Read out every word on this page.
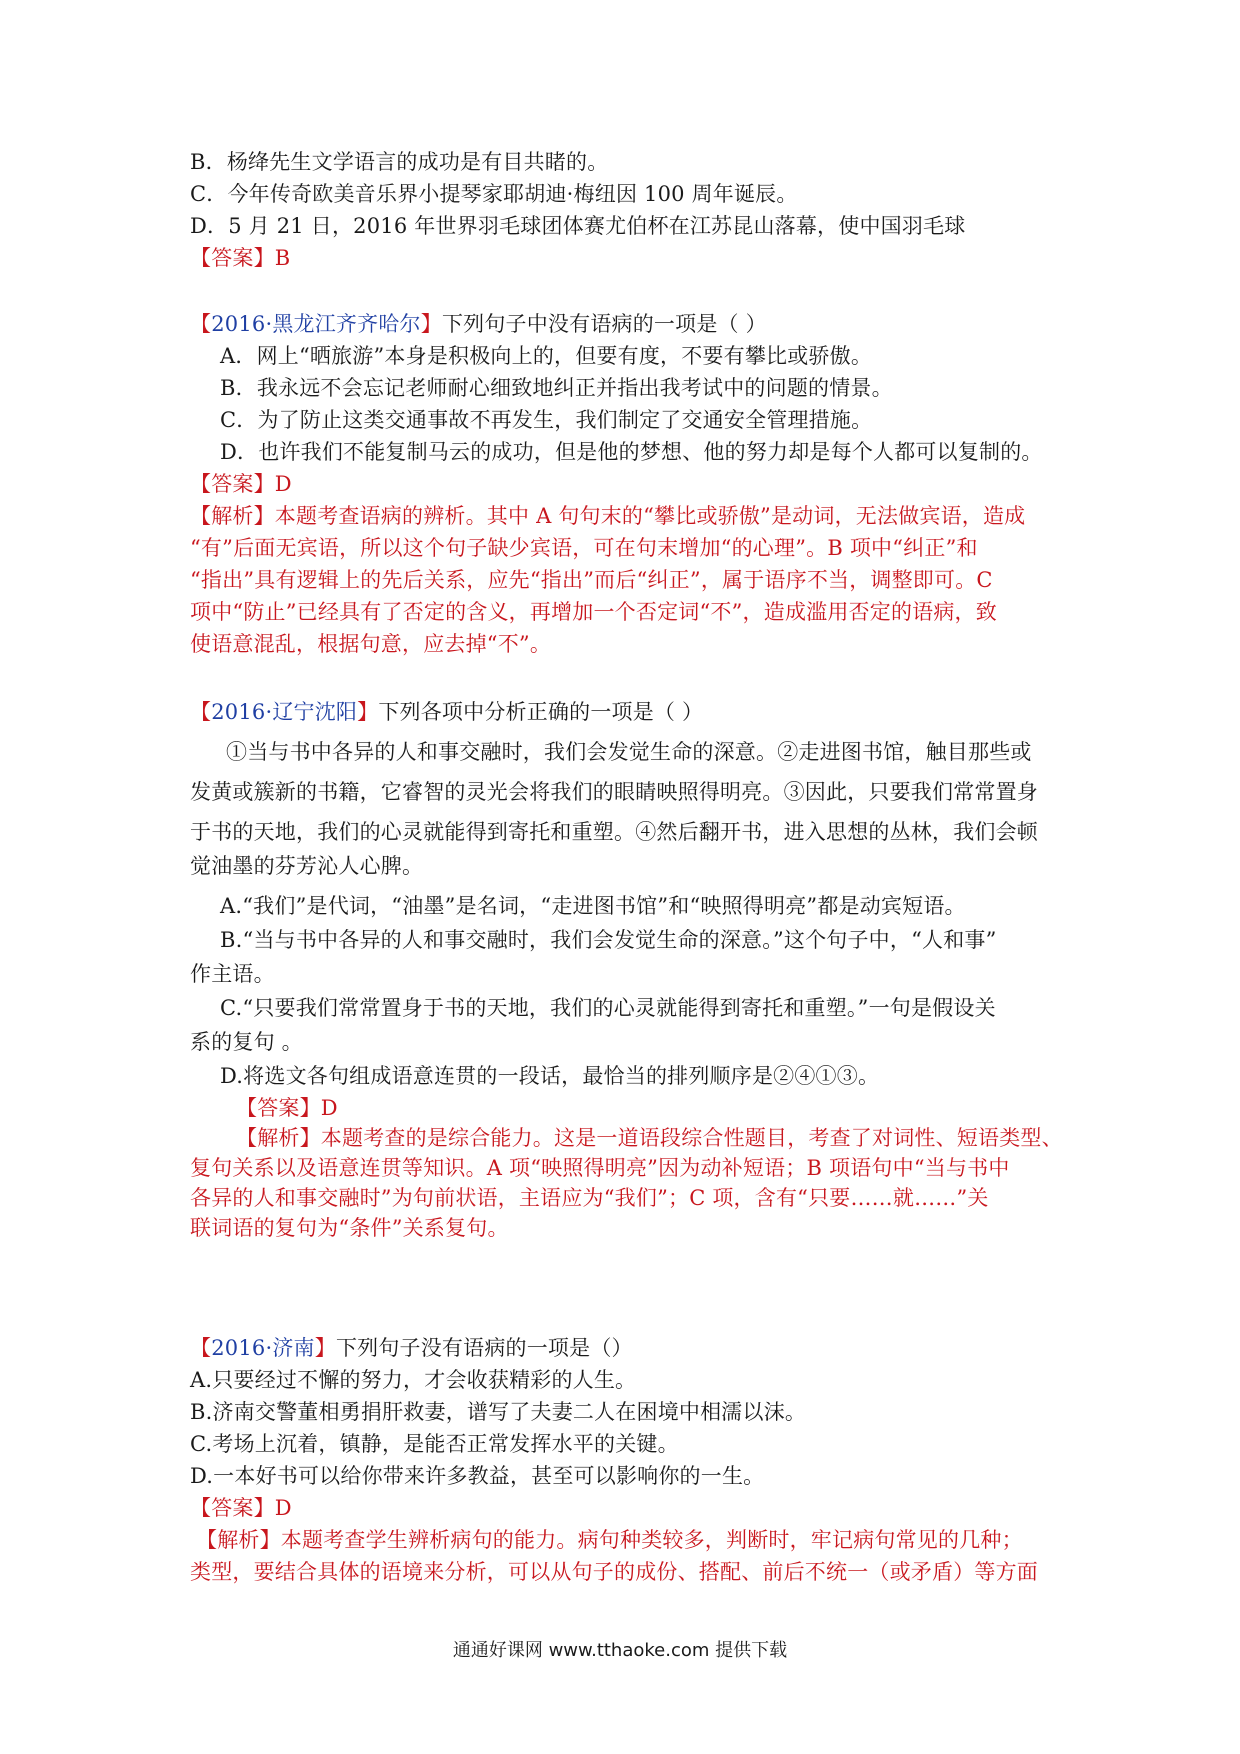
B．杨绛先生文学语言的成功是有目共睹的。
C．今年传奇欧美音乐界小提琴家耶胡迪·梅纽因 100 周年诞辰。
D．5 月 21 日，2016 年世界羽毛球团体赛尤伯杯在江苏昆山落幕，使中国羽毛球
【答案】B
【2016·黑龙江齐齐哈尔】下列句子中没有语病的一项是（ ）
A．网上“晒旅游”本身是积极向上的，但要有度，不要有攀比或骄傲。
B．我永远不会忘记老师耐心细致地纠正并指出我考试中的问题的情景。
C．为了防止这类交通事故不再发生，我们制定了交通安全管理措施。
D．也许我们不能复制马云的成功，但是他的梦想、他的努力却是每个人都可以复制的。
【答案】D
【解析】本题考查语病的辨析。其中 A 句句末的“攀比或骄傲”是动词，无法做宾语，造成
“有”后面无宾语，所以这个句子缺少宾语，可在句末增加“的心理”。B 项中“纠正”和
“指出”具有逻辑上的先后关系，应先“指出”而后“纠正”，属于语序不当，调整即可。C
项中“防止”已经具有了否定的含义，再增加一个否定词“不”，造成滥用否定的语病，致
使语意混乱，根据句意，应去掉“不”。
【2016·辽宁沈阳】下列各项中分析正确的一项是（ ）
①当与书中各异的人和事交融时，我们会发觉生命的深意。②走进图书馆，触目那些或
发黄或簇新的书籍，它睿智的灵光会将我们的眼睛映照得明亮。③因此，只要我们常常置身
于书的天地，我们的心灵就能得到寄托和重塑。④然后翻开书，进入思想的丛林，我们会顿
觉油墨的芬芳沁人心脾。
A.“我们”是代词，“油墨”是名词，“走进图书馆”和“映照得明亮”都是动宾短语。
B.“当与书中各异的人和事交融时，我们会发觉生命的深意。”这个句子中，“人和事”
作主语。
C.“只要我们常常置身于书的天地，我们的心灵就能得到寄托和重塑。”一句是假设关
系的复句 。
D.将选文各句组成语意连贯的一段话，最恰当的排列顺序是②④①③。
【答案】D
【解析】本题考查的是综合能力。这是一道语段综合性题目，考查了对词性、短语类型、
复句关系以及语意连贯等知识。A 项“映照得明亮”因为动补短语；B 项语句中“当与书中
各异的人和事交融时”为句前状语，主语应为“我们”；C 项，含有“只要……就……”关
联词语的复句为“条件”关系复句。
【2016·济南】下列句子没有语病的一项是（）
A.只要经过不懈的努力，才会收获精彩的人生。
B.济南交警董相勇捐肝救妻，谱写了夫妻二人在困境中相濡以沫。
C.考场上沉着，镇静，是能否正常发挥水平的关键。
D.一本好书可以给你带来许多教益，甚至可以影响你的一生。
【答案】D
【解析】本题考查学生辨析病句的能力。病句种类较多，判断时，牢记病句常见的几种；
类型，要结合具体的语境来分析，可以从句子的成份、搭配、前后不统一（或矛盾）等方面
通通好课网 www.tthaoke.com 提供下载
